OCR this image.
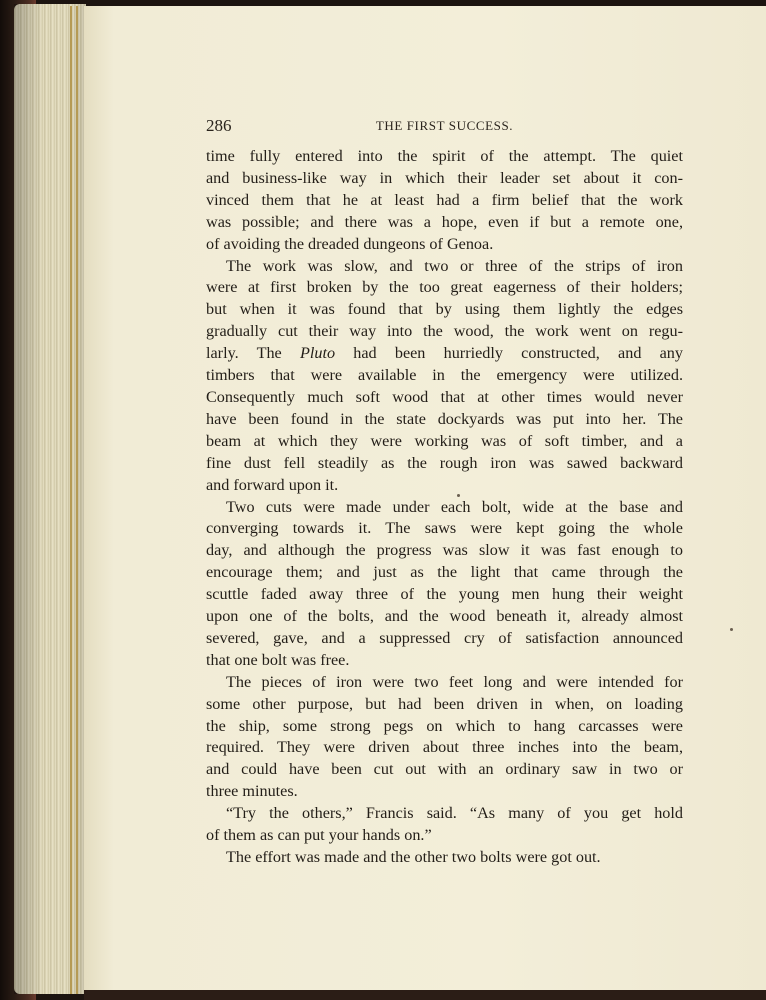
286	THE FIRST SUCCESS.

time fully entered into the spirit of the attempt. The quiet
and business-like way in which their leader set about it con-
vinced them that he at least had a firm belief that the work
was possible; and there was a hope, even if but a remote one,
of avoiding the dreaded dungeons of Genoa.

The work was slow, and two or three of the strips of iron
were at first broken by the too great eagerness of their holders;
but when it was found that by using them lightly the edges
gradually cut their way into the wood, the work went on regu-
larly. The Pluto had been hurriedly constructed, and any
timbers that were available in the emergency were utilized.
Consequently much soft wood that at other times would never
have been found in the state dockyards was put into her. The
beam at which they were working was of soft timber, and a
fine dust fell steadily as the rough iron was sawed backward
and forward upon it.

Two cuts were made under each bolt, wide at the base and
converging towards it. The saws were kept going the whole
day, and although the progress was slow it was fast enough to
encourage them; and just as the light that came through the
scuttle faded away three of the young men hung their weight
upon one of the bolts, and the wood beneath it, already almost
severed, gave, and a suppressed cry of satisfaction announced
that one bolt was free.

The pieces of iron were two feet long and were intended for
some other purpose, but had been driven in when, on loading
the ship, some strong pegs on which to hang carcasses were
required. They were driven about three inches into the beam,
and could have been cut out with an ordinary saw in two or
three minutes.

“Try the others,” Francis said. “As many of you get hold
of them as can put your hands on.”

The effort was made and the other two bolts were got out.
